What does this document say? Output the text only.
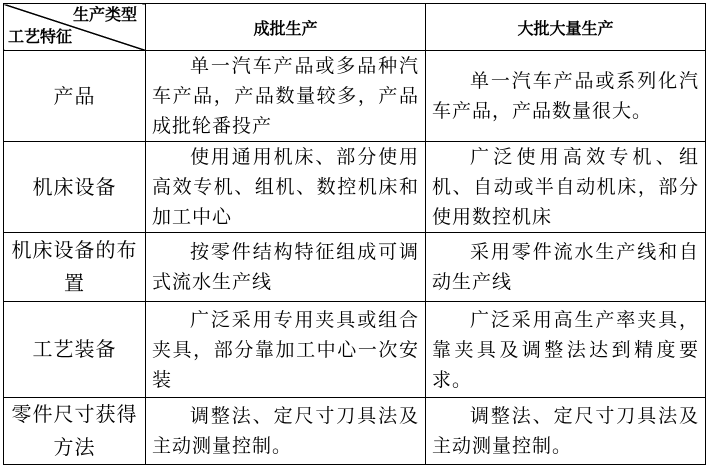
生产类型
工艺特征	成批生产	大批大量生产
产品	单一汽车产品或多品种汽车产品，产品数量较多，产品成批轮番投产	单一汽车产品或系列化汽车产品，产品数量很大。
机床设备	使用通用机床、部分使用高效专机、组机、数控机床和加工中心	广泛使用高效专机、组机、自动或半自动机床，部分使用数控机床
机床设备的布置	按零件结构特征组成可调式流水生产线	采用零件流水生产线和自动生产线
工艺装备	广泛采用专用夹具或组合夹具，部分靠加工中心一次安装	广泛采用高生产率夹具，靠夹具及调整法达到精度要求。
零件尺寸获得方法	调整法、定尺寸刀具法及主动测量控制。	调整法、定尺寸刀具法及主动测量控制。
